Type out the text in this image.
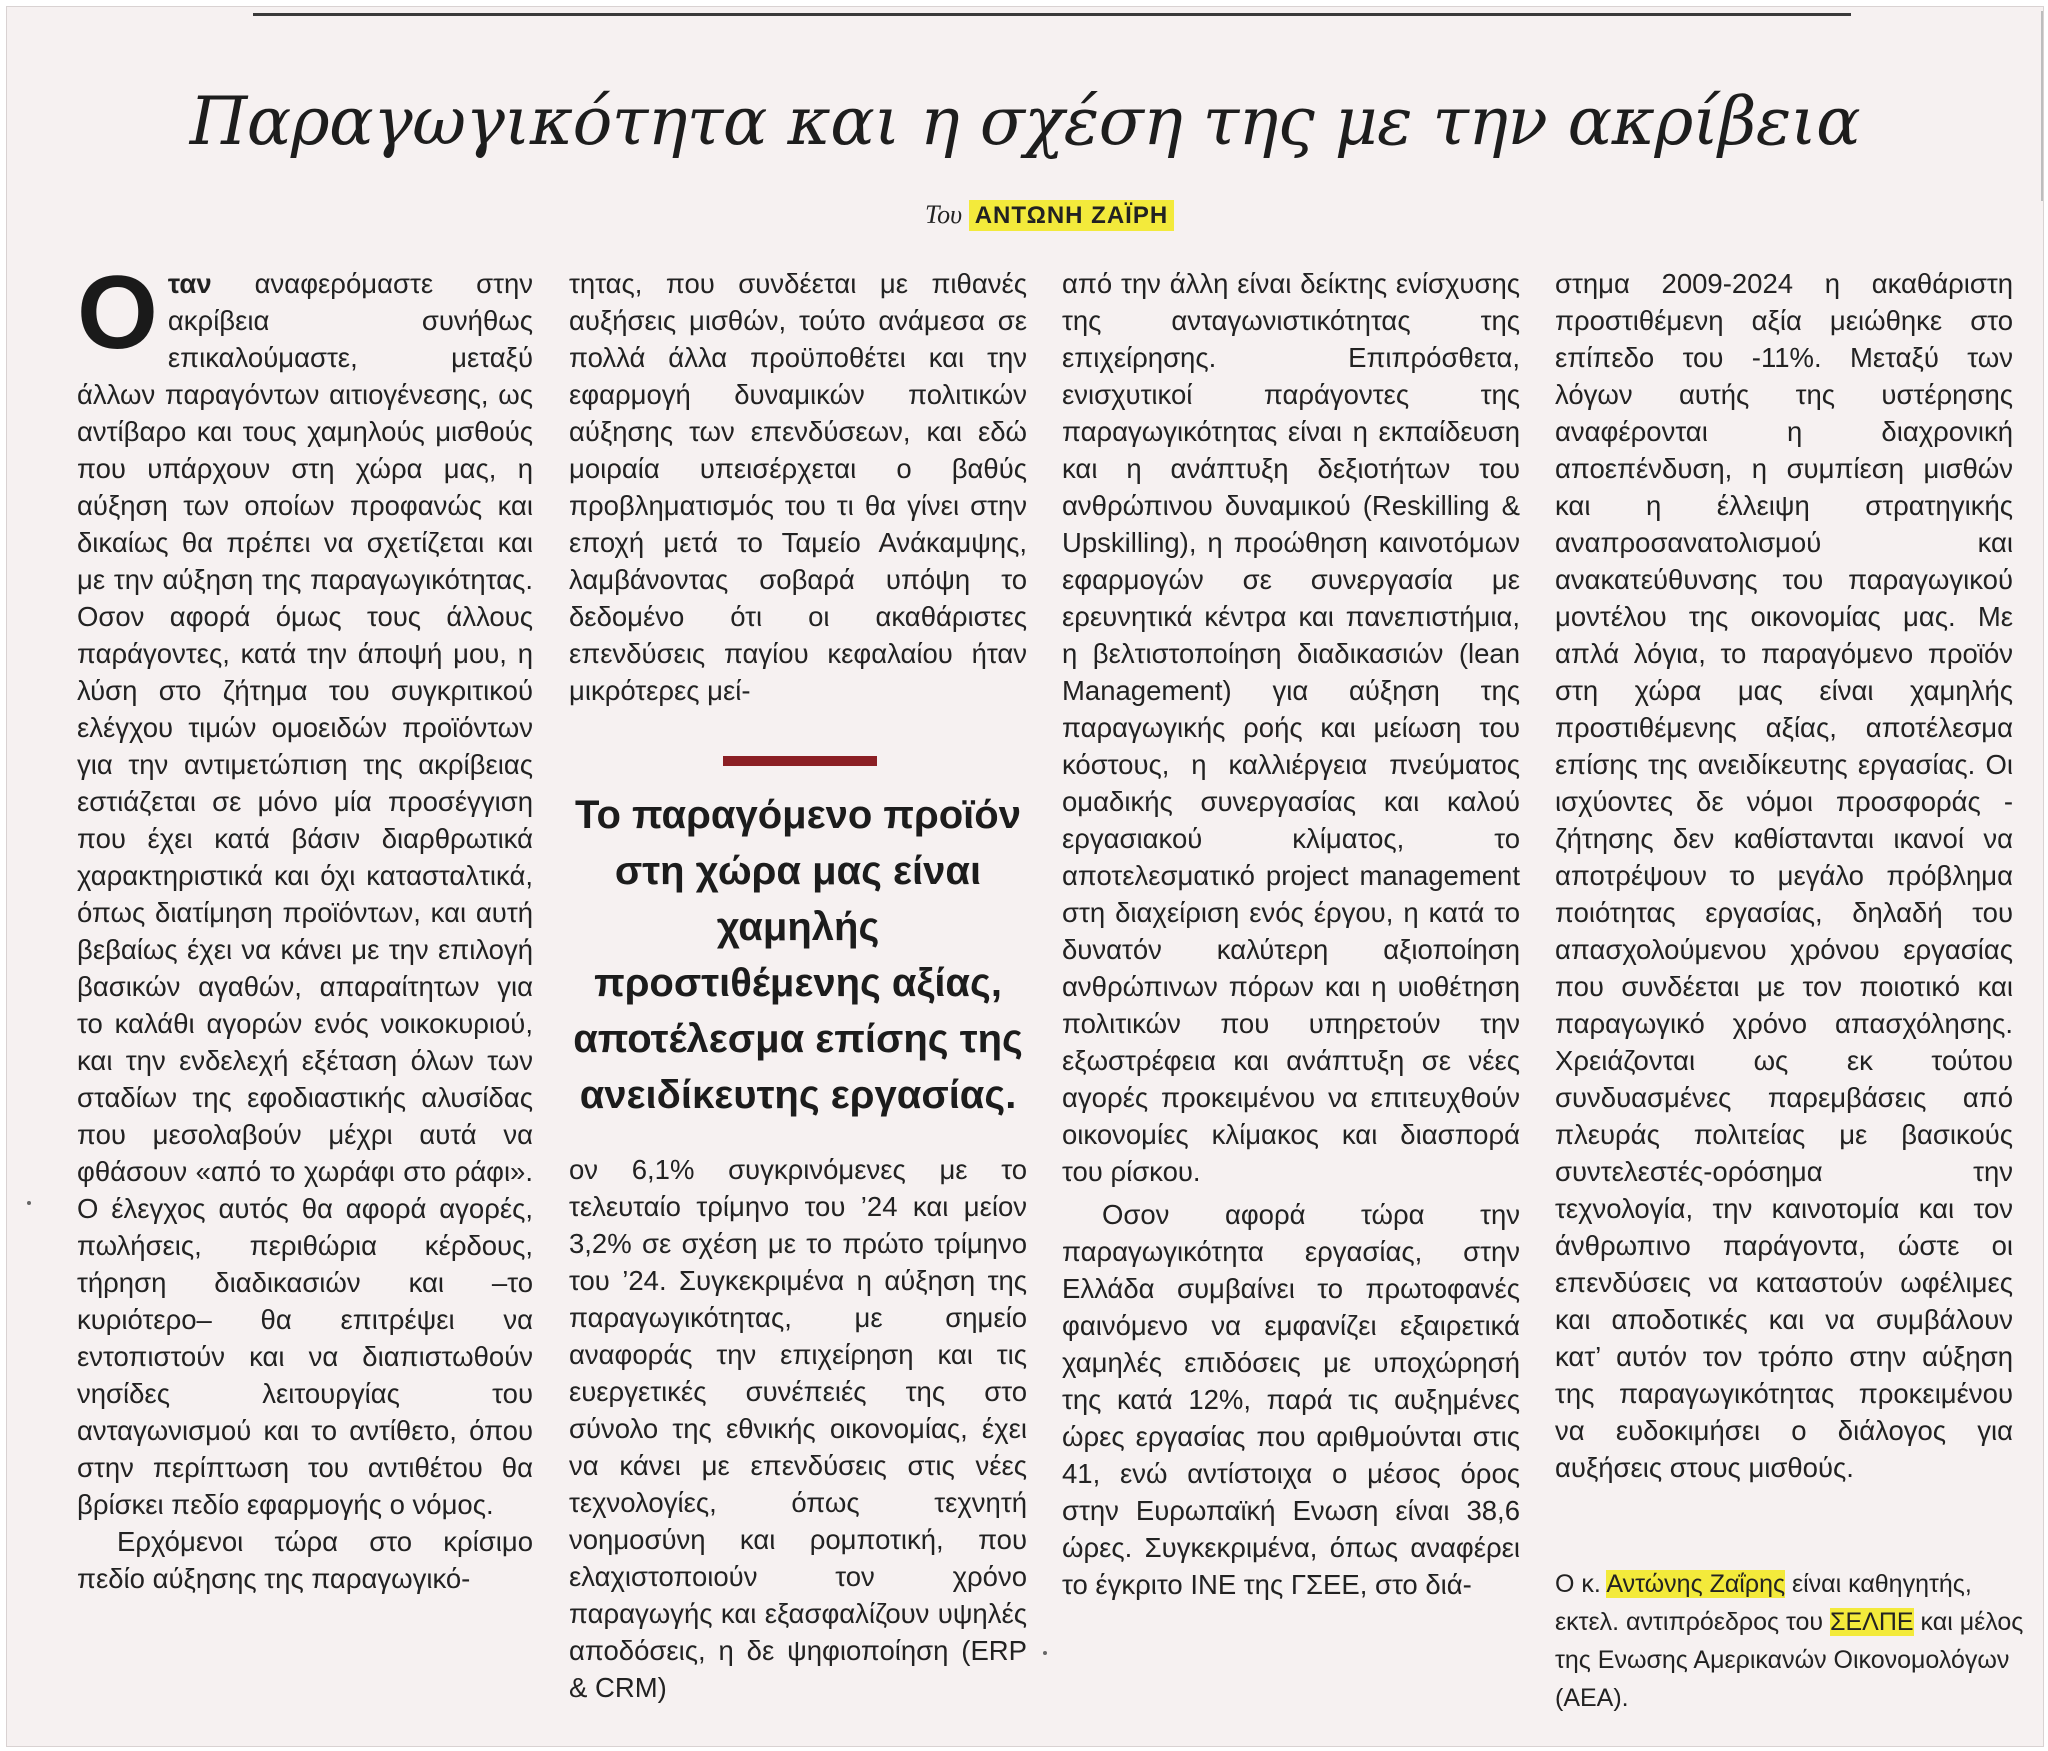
Παραγωγικότητα και η σχέση της με την ακρίβεια
Του ΑΝΤΩΝΗ ΖΑΪΡΗ

Οταν αναφερόμαστε στην ακρίβεια συνήθως επικαλούμαστε, μεταξύ άλλων παραγόντων αιτιογένεσης, ως αντίβαρο και τους χαμηλούς μισθούς που υπάρχουν στη χώρα μας, η αύξηση των οποίων προφανώς και δικαίως θα πρέπει να σχετίζεται και με την αύξηση της παραγωγικότητας. Οσον αφορά όμως τους άλλους παράγοντες, κατά την άποψή μου, η λύση στο ζήτημα του συγκριτικού ελέγχου τιμών ομοειδών προϊόντων για την αντιμετώπιση της ακρίβειας εστιάζεται σε μόνο μία προσέγγιση που έχει κατά βάσιν διαρθρωτικά χαρακτηριστικά και όχι κατασταλτικά, όπως διατίμηση προϊόντων, και αυτή βεβαίως έχει να κάνει με την επιλογή βασικών αγαθών, απαραίτητων για το καλάθι αγορών ενός νοικοκυριού, και την ενδελεχή εξέταση όλων των σταδίων της εφοδιαστικής αλυσίδας που μεσολαβούν μέχρι αυτά να φθάσουν «από το χωράφι στο ράφι». Ο έλεγχος αυτός θα αφορά αγορές, πωλήσεις, περιθώρια κέρδους, τήρηση διαδικασιών και –το κυριότερο– θα επιτρέψει να εντοπιστούν και να διαπιστωθούν νησίδες λειτουργίας του ανταγωνισμού και το αντίθετο, όπου στην περίπτωση του αντιθέτου θα βρίσκει πεδίο εφαρμογής ο νόμος.

Ερχόμενοι τώρα στο κρίσιμο πεδίο αύξησης της παραγωγικό-

τητας, που συνδέεται με πιθανές αυξήσεις μισθών, τούτο ανάμεσα σε πολλά άλλα προϋποθέτει και την εφαρμογή δυναμικών πολιτικών αύξησης των επενδύσεων, και εδώ μοιραία υπεισέρχεται ο βαθύς προβληματισμός του τι θα γίνει στην εποχή μετά το Ταμείο Ανάκαμψης, λαμβάνοντας σοβαρά υπόψη το δεδομένο ότι οι ακαθάριστες επενδύσεις παγίου κεφαλαίου ήταν μικρότερες μεί-

Το παραγόμενο προϊόν στη χώρα μας είναι χαμηλής προστιθέμενης αξίας, αποτέλεσμα επίσης της ανειδίκευτης εργασίας.

ον 6,1% συγκρινόμενες με το τελευταίο τρίμηνο του ’24 και μείον 3,2% σε σχέση με το πρώτο τρίμηνο του ’24. Συγκεκριμένα η αύξηση της παραγωγικότητας, με σημείο αναφοράς την επιχείρηση και τις ευεργετικές συνέπειές της στο σύνολο της εθνικής οικονομίας, έχει να κάνει με επενδύσεις στις νέες τεχνολογίες, όπως τεχνητή νοημοσύνη και ρομποτική, που ελαχιστοποιούν τον χρόνο παραγωγής και εξασφαλίζουν υψηλές αποδόσεις, η δε ψηφιοποίηση (ERP & CRM)

από την άλλη είναι δείκτης ενίσχυσης της ανταγωνιστικότητας της επιχείρησης. Επιπρόσθετα, ενισχυτικοί παράγοντες της παραγωγικότητας είναι η εκπαίδευση και η ανάπτυξη δεξιοτήτων του ανθρώπινου δυναμικού (Reskilling & Upskilling), η προώθηση καινοτόμων εφαρμογών σε συνεργασία με ερευνητικά κέντρα και πανεπιστήμια, η βελτιστοποίηση διαδικασιών (lean Management) για αύξηση της παραγωγικής ροής και μείωση του κόστους, η καλλιέργεια πνεύματος ομαδικής συνεργασίας και καλού εργασιακού κλίματος, το αποτελεσματικό project management στη διαχείριση ενός έργου, η κατά το δυνατόν καλύτερη αξιοποίηση ανθρώπινων πόρων και η υιοθέτηση πολιτικών που υπηρετούν την εξωστρέφεια και ανάπτυξη σε νέες αγορές προκειμένου να επιτευχθούν οικονομίες κλίμακος και διασπορά του ρίσκου.

Οσον αφορά τώρα την παραγωγικότητα εργασίας, στην Ελλάδα συμβαίνει το πρωτοφανές φαινόμενο να εμφανίζει εξαιρετικά χαμηλές επιδόσεις με υποχώρησή της κατά 12%, παρά τις αυξημένες ώρες εργασίας που αριθμούνται στις 41, ενώ αντίστοιχα ο μέσος όρος στην Ευρωπαϊκή Ενωση είναι 38,6 ώρες. Συγκεκριμένα, όπως αναφέρει το έγκριτο ΙΝΕ της ΓΣΕΕ, στο διά-

στημα 2009-2024 η ακαθάριστη προστιθέμενη αξία μειώθηκε στο επίπεδο του -11%. Μεταξύ των λόγων αυτής της υστέρησης αναφέρονται η διαχρονική αποεπένδυση, η συμπίεση μισθών και η έλλειψη στρατηγικής αναπροσανατολισμού και ανακατεύθυνσης του παραγωγικού μοντέλου της οικονομίας μας. Με απλά λόγια, το παραγόμενο προϊόν στη χώρα μας είναι χαμηλής προστιθέμενης αξίας, αποτέλεσμα επίσης της ανειδίκευτης εργασίας. Οι ισχύοντες δε νόμοι προσφοράς - ζήτησης δεν καθίστανται ικανοί να αποτρέψουν το μεγάλο πρόβλημα ποιότητας εργασίας, δηλαδή του απασχολούμενου χρόνου εργασίας που συνδέεται με τον ποιοτικό και παραγωγικό χρόνο απασχόλησης. Χρειάζονται ως εκ τούτου συνδυασμένες παρεμβάσεις από πλευράς πολιτείας με βασικούς συντελεστές-ορόσημα την τεχνολογία, την καινοτομία και τον άνθρωπινο παράγοντα, ώστε οι επενδύσεις να καταστούν ωφέλιμες και αποδοτικές και να συμβάλουν κατ’ αυτόν τον τρόπο στην αύξηση της παραγωγικότητας προκειμένου να ευδοκιμήσει ο διάλογος για αυξήσεις στους μισθούς.

Ο κ. Αντώνης Ζαΐρης είναι καθηγητής, εκτελ. αντιπρόεδρος του ΣΕΛΠΕ και μέλος της Ενωσης Αμερικανών Οικονομολόγων (ΑΕΑ).
